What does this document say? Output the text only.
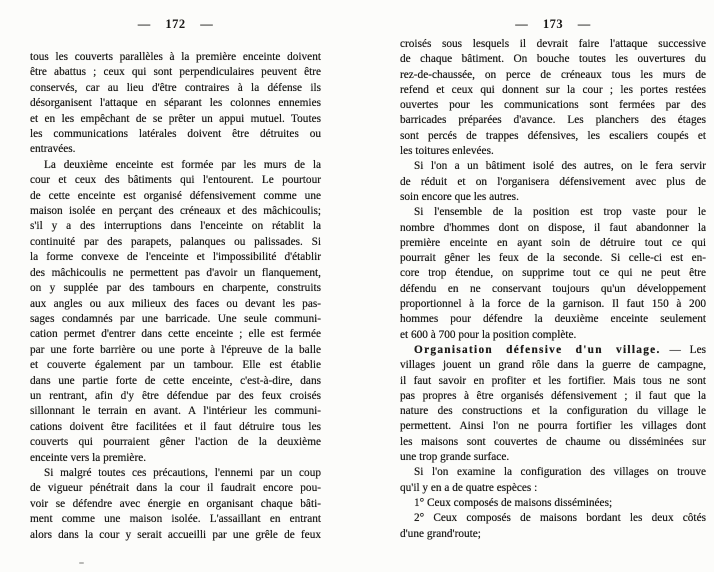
— 172 —
tous les couverts parallèles à la première enceinte doivent
être abattus ; ceux qui sont perpendiculaires peuvent être
conservés, car au lieu d'être contraires à la défense ils
désorganisent l'attaque en séparant les colonnes ennemies
et en les empêchant de se prêter un appui mutuel. Toutes
les communications latérales doivent être détruites ou
entravées.
La deuxième enceinte est formée par les murs de la
cour et ceux des bâtiments qui l'entourent. Le pourtour
de cette enceinte est organisé défensivement comme une
maison isolée en perçant des créneaux et des mâchicoulis;
s'il y a des interruptions dans l'enceinte on rétablit la
continuité par des parapets, palanques ou palissades. Si
la forme convexe de l'enceinte et l'impossibilité d'établir
des mâchicoulis ne permettent pas d'avoir un flanquement,
on y supplée par des tambours en charpente, construits
aux angles ou aux milieux des faces ou devant les pas-
sages condamnés par une barricade. Une seule communi-
cation permet d'entrer dans cette enceinte ; elle est fermée
par une forte barrière ou une porte à l'épreuve de la balle
et couverte également par un tambour. Elle est établie
dans une partie forte de cette enceinte, c'est-à-dire, dans
un rentrant, afin d'y être défendue par des feux croisés
sillonnant le terrain en avant. A l'intérieur les communi-
cations doivent être facilitées et il faut détruire tous les
couverts qui pourraient gêner l'action de la deuxième
enceinte vers la première.
Si malgré toutes ces précautions, l'ennemi par un coup
de vigueur pénétrait dans la cour il faudrait encore pou-
voir se défendre avec énergie en organisant chaque bâti-
ment comme une maison isolée. L'assaillant en entrant
alors dans la cour y serait accueilli par une grêle de feux
— 173 —
croisés sous lesquels il devrait faire l'attaque successive
de chaque bâtiment. On bouche toutes les ouvertures du
rez-de-chaussée, on perce de créneaux tous les murs de
refend et ceux qui donnent sur la cour ; les portes restées
ouvertes pour les communications sont fermées par des
barricades préparées d'avance. Les planchers des étages
sont percés de trappes défensives, les escaliers coupés et
les toitures enlevées.
Si l'on a un bâtiment isolé des autres, on le fera servir
de réduit et on l'organisera défensivement avec plus de
soin encore que les autres.
Si l'ensemble de la position est trop vaste pour le
nombre d'hommes dont on dispose, il faut abandonner la
première enceinte en ayant soin de détruire tout ce qui
pourrait gêner les feux de la seconde. Si celle-ci est en-
core trop étendue, on supprime tout ce qui ne peut être
défendu en ne conservant toujours qu'un développement
proportionnel à la force de la garnison. Il faut 150 à 200
hommes pour défendre la deuxième enceinte seulement
et 600 à 700 pour la position complète.
Organisation défensive d'un village. — Les
villages jouent un grand rôle dans la guerre de campagne,
il faut savoir en profiter et les fortifier. Mais tous ne sont
pas propres à être organisés défensivement ; il faut que la
nature des constructions et la configuration du village le
permettent. Ainsi l'on ne pourra fortifier les villages dont
les maisons sont couvertes de chaume ou disséminées sur
une trop grande surface.
Si l'on examine la configuration des villages on trouve
qu'il y en a de quatre espèces :
1° Ceux composés de maisons disséminées;
2° Ceux composés de maisons bordant les deux côtés
d'une grand'route;
